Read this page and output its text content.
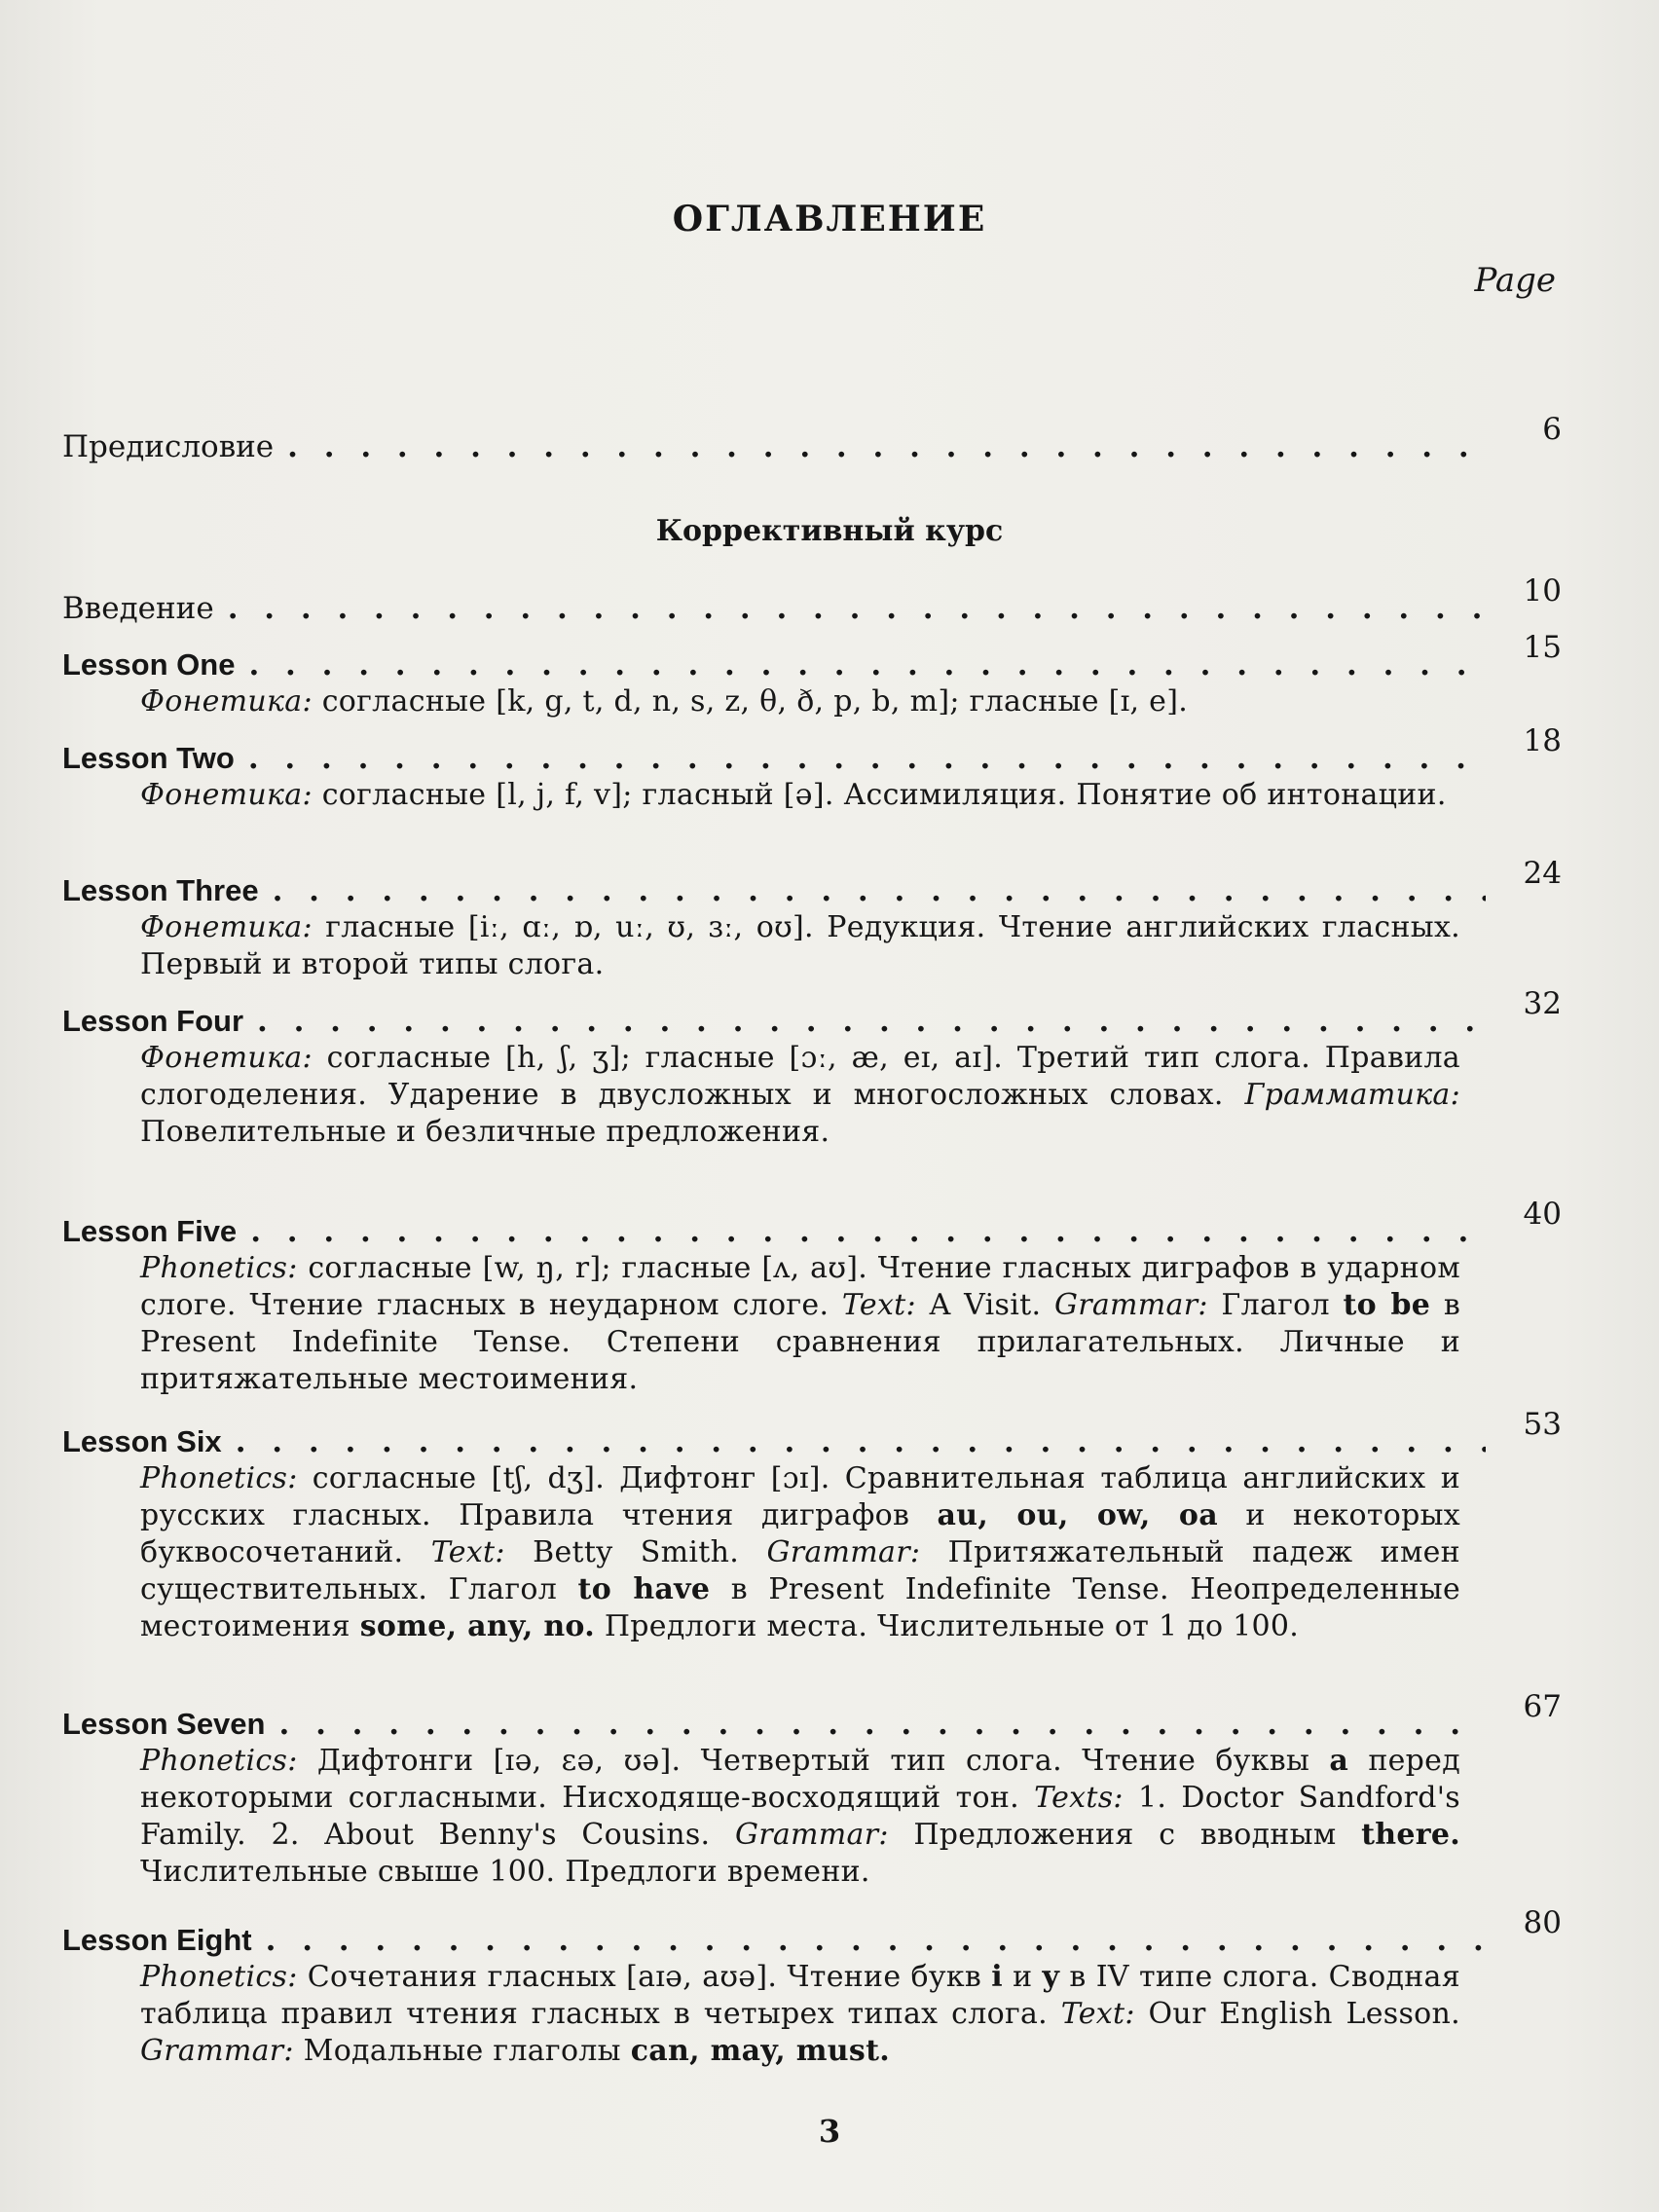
ОГЛАВЛЕНИЕ
Page
Предисловие . . .	6
Коррективный курс
Введение . . .	10
Lesson One . . .	15
Фонетика: согласные [k, g, t, d, n, s, z, θ, ð, p, b, m]; гласные [ɪ, e].
Lesson Two . . .	18
Фонетика: согласные [l, j, f, v]; гласный [ə]. Ассимиляция. Понятие об интонации.
Lesson Three . . .	24
Фонетика: гласные [iː, ɑː, ɒ, uː, ʊ, ɜː, oʊ]. Редукция. Чтение английских гласных. Первый и второй типы слога.
Lesson Four . . .	32
Фонетика: согласные [h, ʃ, ʒ]; гласные [ɔː, æ, eɪ, aɪ]. Третий тип слога. Правила слогоделения. Ударение в двусложных и многосложных словах. Грамматика: Повелительные и безличные предложения.
Lesson Five . . .	40
Phonetics: согласные [w, ŋ, r]; гласные [ʌ, aʊ]. Чтение гласных диграфов в ударном слоге. Чтение гласных в неударном слоге. Text: A Visit. Grammar: Глагол to be в Present Indefinite Tense. Степени сравнения прилагательных. Личные и притяжательные местоимения.
Lesson Six . . .	53
Phonetics: согласные [tʃ, dʒ]. Дифтонг [ɔɪ]. Сравнительная таблица английских и русских гласных. Правила чтения диграфов au, ou, ow, oa и некоторых буквосочетаний. Text: Betty Smith. Grammar: Притяжательный падеж имен существительных. Глагол to have в Present Indefinite Tense. Неопределенные местоимения some, any, no. Предлоги места. Числительные от 1 до 100.
Lesson Seven . . .	67
Phonetics: Дифтонги [ɪə, ɛə, ʊə]. Четвертый тип слога. Чтение буквы a перед некоторыми согласными. Нисходяще-восходящий тон. Texts: 1. Doctor Sandford's Family. 2. About Benny's Cousins. Grammar: Предложения с вводным there. Числительные свыше 100. Предлоги времени.
Lesson Eight . . .	80
Phonetics: Сочетания гласных [aɪə, aʊə]. Чтение букв i и y в IV типе слога. Сводная таблица правил чтения гласных в четырех типах слога. Text: Our English Lesson. Grammar: Модальные глаголы can, may, must.
3
